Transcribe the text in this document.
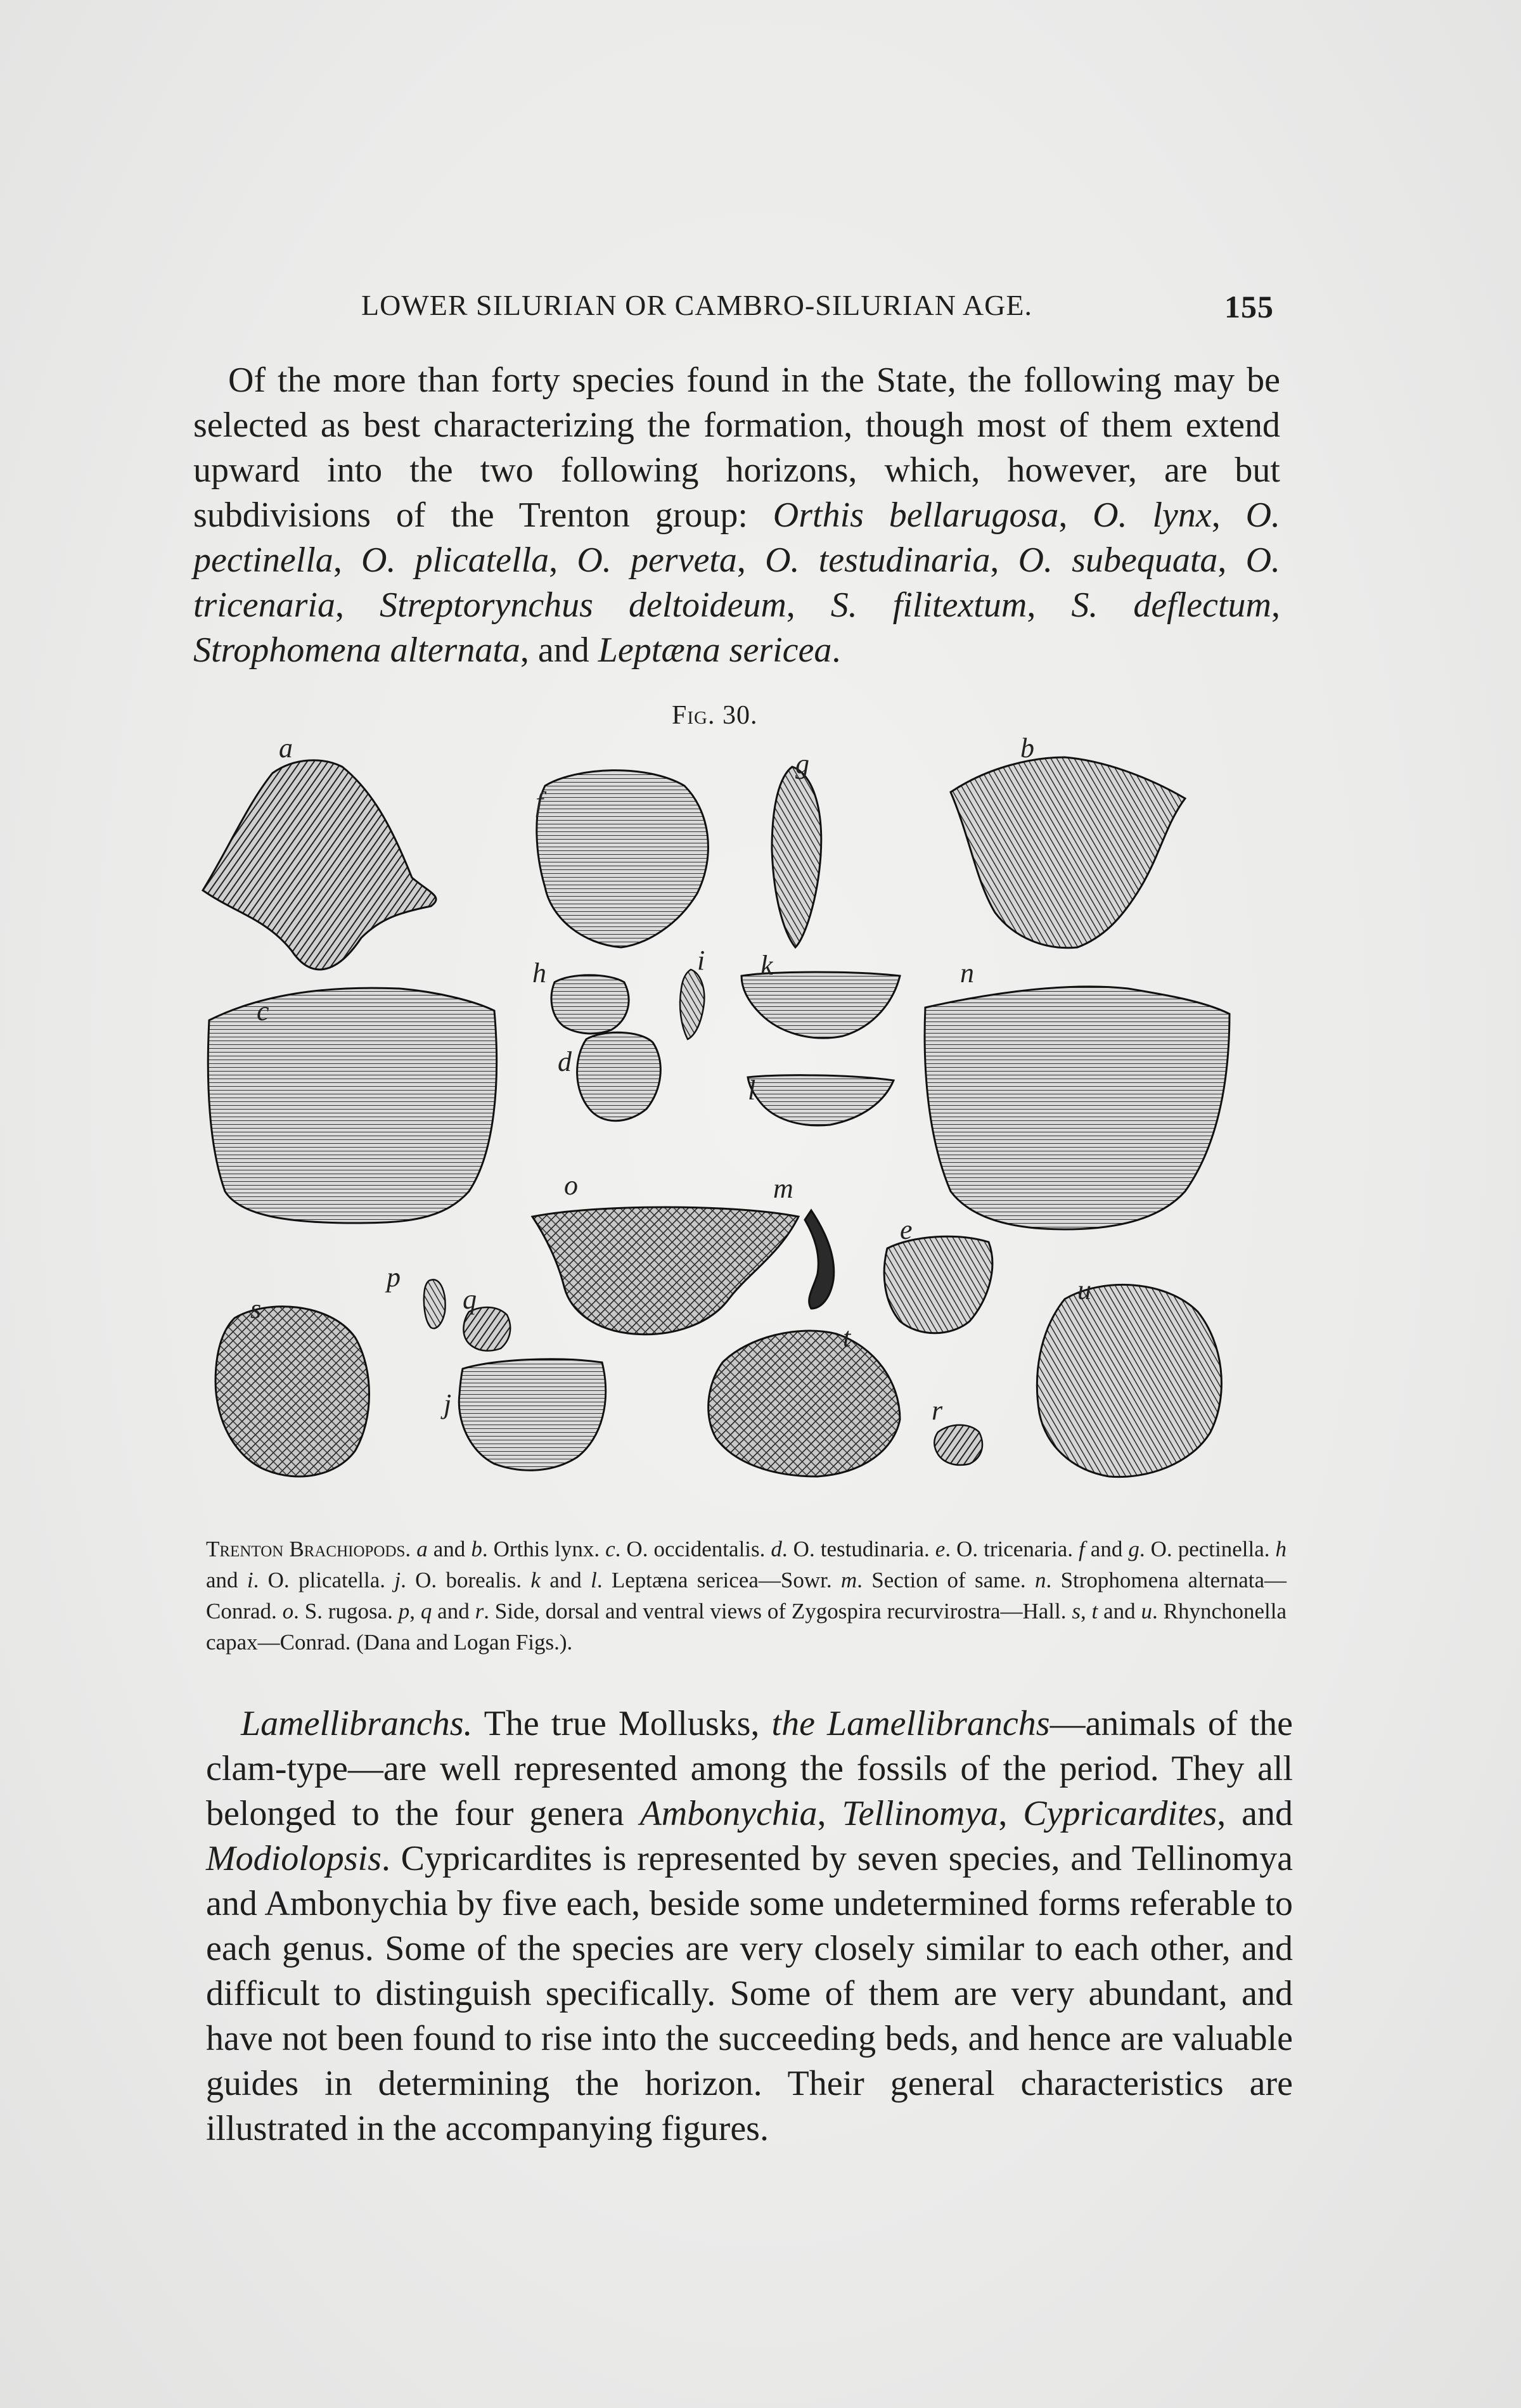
LOWER SILURIAN OR CAMBRO-SILURIAN AGE.	155
Of the more than forty species found in the State, the following may be selected as best characterizing the formation, though most of them extend upward into the two following horizons, which, however, are but subdivisions of the Trenton group: Orthis bellarugosa, O. lynx, O. pectinella, O. plicatella, O. perveta, O. testudinaria, O. subequata, O. tricenaria, Streptorynchus deltoideum, S. filitextum, S. deflectum, Strophomena alternata, and Leptæna sericea.
Fig. 30.
a	b
c
d
e
f
g
h	i k
l
m
n
o
p
q
s
t
r
j
u
Trenton Brachiopods. a and b. Orthis lynx. c. O. occidentalis. d. O. testudinaria. e. O. tricenaria. f and g. O. pectinella. h and i. O. plicatella. j. O. borealis. k and l. Leptæna sericea—Sowr. m. Section of same. n. Strophomena alternata—Conrad. o. S. rugosa. p, q and r. Side, dorsal and ventral views of Zygospira recurvirostra—Hall. s, t and u. Rhynchonella capax—Conrad. (Dana and Logan Figs.).
Lamellibranchs. The true Mollusks, the Lamellibranchs—animals of the clam-type—are well represented among the fossils of the period. They all belonged to the four genera Ambonychia, Tellinomya, Cypricardites, and Modiolopsis. Cypricardites is represented by seven species, and Tellinomya and Ambonychia by five each, beside some undetermined forms referable to each genus. Some of the species are very closely similar to each other, and difficult to distinguish specifically. Some of them are very abundant, and have not been found to rise into the succeeding beds, and hence are valuable guides in determining the horizon. Their general characteristics are illustrated in the accompanying figures.
